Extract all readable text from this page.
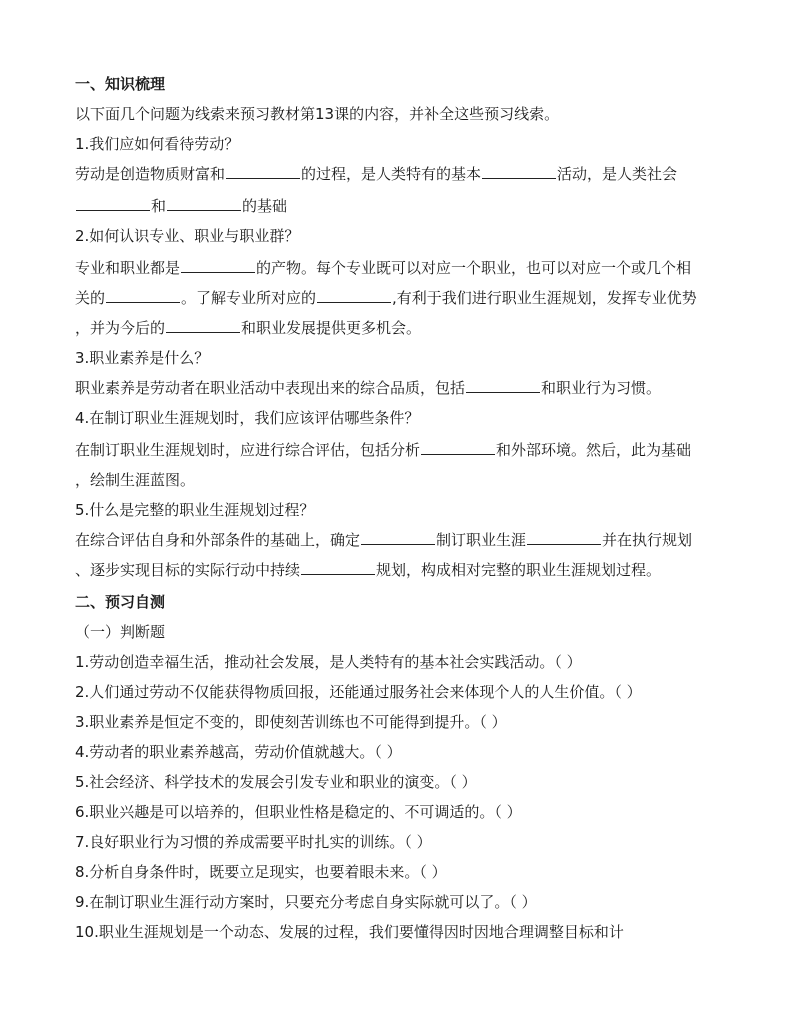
一、知识梳理
以下面几个问题为线索来预习教材第13课的内容，并补全这些预习线索。
1.我们应如何看待劳动？
劳动是创造物质财富和	的过程，是人类特有的基本	活动，是人类社会
和	的基础
2.如何认识专业、职业与职业群？
专业和职业都是	的产物。每个专业既可以对应一个职业，也可以对应一个或几个相
关的	。了解专业所对应的	,有利于我们进行职业生涯规划，发挥专业优势
，并为今后的	和职业发展提供更多机会。
3.职业素养是什么？
职业素养是劳动者在职业活动中表现出来的综合品质，包括	和职业行为习惯。
4.在制订职业生涯规划时，我们应该评估哪些条件？
在制订职业生涯规划时，应进行综合评估，包括分析	和外部环境。然后，此为基础
，绘制生涯蓝图。
5.什么是完整的职业生涯规划过程？
在综合评估自身和外部条件的基础上，确定	制订职业生涯	并在执行规划
、逐步实现目标的实际行动中持续	规划，构成相对完整的职业生涯规划过程。
二、预习自测
（一）判断题
1.劳动创造幸福生活，推动社会发展，是人类特有的基本社会实践活动。（ ）
2.人们通过劳动不仅能获得物质回报，还能通过服务社会来体现个人的人生价值。（ ）
3.职业素养是恒定不变的，即使刻苦训练也不可能得到提升。（ ）
4.劳动者的职业素养越高，劳动价值就越大。（ ）
5.社会经济、科学技术的发展会引发专业和职业的演变。（ ）
6.职业兴趣是可以培养的，但职业性格是稳定的、不可调适的。（ ）
7.良好职业行为习惯的养成需要平时扎实的训练。（ ）
8.分析自身条件时，既要立足现实，也要着眼未来。（ ）
9.在制订职业生涯行动方案时，只要充分考虑自身实际就可以了。（ ）
10.职业生涯规划是一个动态、发展的过程，我们要懂得因时因地合理调整目标和计
